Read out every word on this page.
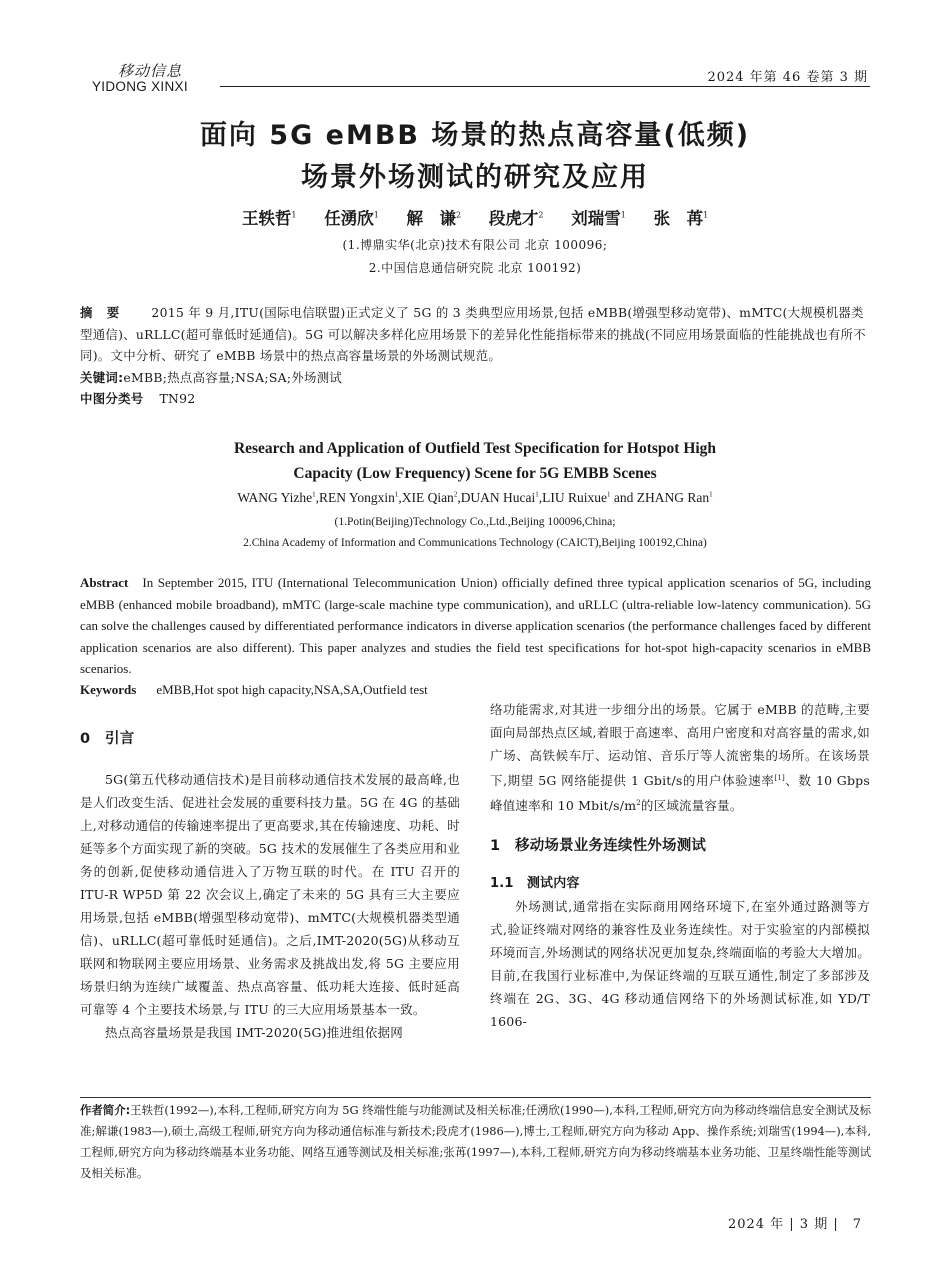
移动信息
YIDONG XINXI
2024 年第 46 卷第 3 期
面向 5G eMBB 场景的热点高容量(低频)
场景外场测试的研究及应用
王轶哲$^1$ 任湧欣$^1$ 解　谦$^2$ 段虎才$^2$ 刘瑞雪$^1$ 张　苒$^1$
(1.博鼎实华(北京)技术有限公司 北京 100096;
2.中国信息通信研究院 北京 100192)
摘 要	2015 年 9 月,ITU(国际电信联盟)正式定义了 5G 的 3 类典型应用场景,包括 eMBB(增强型移动宽带)、mMTC(大规模机器类型通信)、uRLLC(超可靠低时延通信)。5G 可以解决多样化应用场景下的差异化性能指标带来的挑战(不同应用场景面临的性能挑战也有所不同)。文中分析、研究了 eMBB 场景中的热点高容量场景的外场测试规范。
关键词:eMBB;热点高容量;NSA;SA;外场测试
中图分类号 TN92
Research and Application of Outfield Test Specification for Hotspot High
Capacity (Low Frequency) Scene for 5G EMBB Scenes
WANG Yizhe$^1$,REN Yongxin$^1$,XIE Qian$^2$,DUAN Hucai$^1$,LIU Ruixue$^1$ and ZHANG Ran$^1$
(1.Potin(Beijing)Technology Co.,Ltd.,Beijing 100096,China;
2.China Academy of Information and Communications Technology (CAICT),Beijing 100192,China)
Abstract In September 2015, ITU (International Telecommunication Union) officially defined three typical application scenarios of 5G, including eMBB (enhanced mobile broadband), mMTC (large-scale machine type communication), and uRLLC (ultra-reliable low-latency communication). 5G can solve the challenges caused by differentiated performance indicators in diverse application scenarios (the performance challenges faced by different application scenarios are also different). This paper analyzes and studies the field test specifications for hot-spot high-capacity scenarios in eMBB scenarios.
Keywords eMBB,Hot spot high capacity,NSA,SA,Outfield test

0　引言

5G(第五代移动通信技术)是目前移动通信技术发展的最高峰,也是人们改变生活、促进社会发展的重要科技力量。5G 在 4G 的基础上,对移动通信的传输速率提出了更高要求,其在传输速度、功耗、时延等多个方面实现了新的突破。5G 技术的发展催生了各类应用和业务的创新,促使移动通信进入了万物互联的时代。在 ITU 召开的 ITU-R WP5D 第 22 次会议上,确定了未来的 5G 具有三大主要应用场景,包括 eMBB(增强型移动宽带)、mMTC(大规模机器类型通信)、uRLLC(超可靠低时延通信)。之后,IMT-2020(5G)从移动互联网和物联网主要应用场景、业务需求及挑战出发,将 5G 主要应用场景归纳为连续广域覆盖、热点高容量、低功耗大连接、低时延高可靠等 4 个主要技术场景,与 ITU 的三大应用场景基本一致。

热点高容量场景是我国 IMT-2020(5G)推进组依据网

络功能需求,对其进一步细分出的场景。它属于 eMBB 的范畴,主要面向局部热点区域,着眼于高速率、高用户密度和对高容量的需求,如广场、高铁候车厅、运动馆、音乐厅等人流密集的场所。在该场景下,期望 5G 网络能提供 1 Gbit/s的用户体验速率[1]、数 10 Gbps 峰值速率和 10 Mbit/$s/m^2$的区域流量容量。

1　移动场景业务连续性外场测试

1.1　测试内容

外场测试,通常指在实际商用网络环境下,在室外通过路测等方式,验证终端对网络的兼容性及业务连续性。对于实验室的内部模拟环境而言,外场测试的网络状况更加复杂,终端面临的考验大大增加。目前,在我国行业标准中,为保证终端的互联互通性,制定了多部涉及终端在 2G、3G、4G 移动通信网络下的外场测试标准,如 YD/T 1606-

作者简介:王轶哲(1992—),本科,工程师,研究方向为 5G 终端性能与功能测试及相关标准;任湧欣(1990—),本科,工程师,研究方向为移动终端信息安全测试及标准;解谦(1983—),硕士,高级工程师,研究方向为移动通信标准与新技术;段虎才(1986—),博士,工程师,研究方向为移动 App、操作系统;刘瑞雪(1994—),本科,工程师,研究方向为移动终端基本业务功能、网络互通等测试及相关标准;张苒(1997—),本科,工程师,研究方向为移动终端基本业务功能、卫星终端性能等测试及相关标准。
2024 年 | 3 期 |　7
